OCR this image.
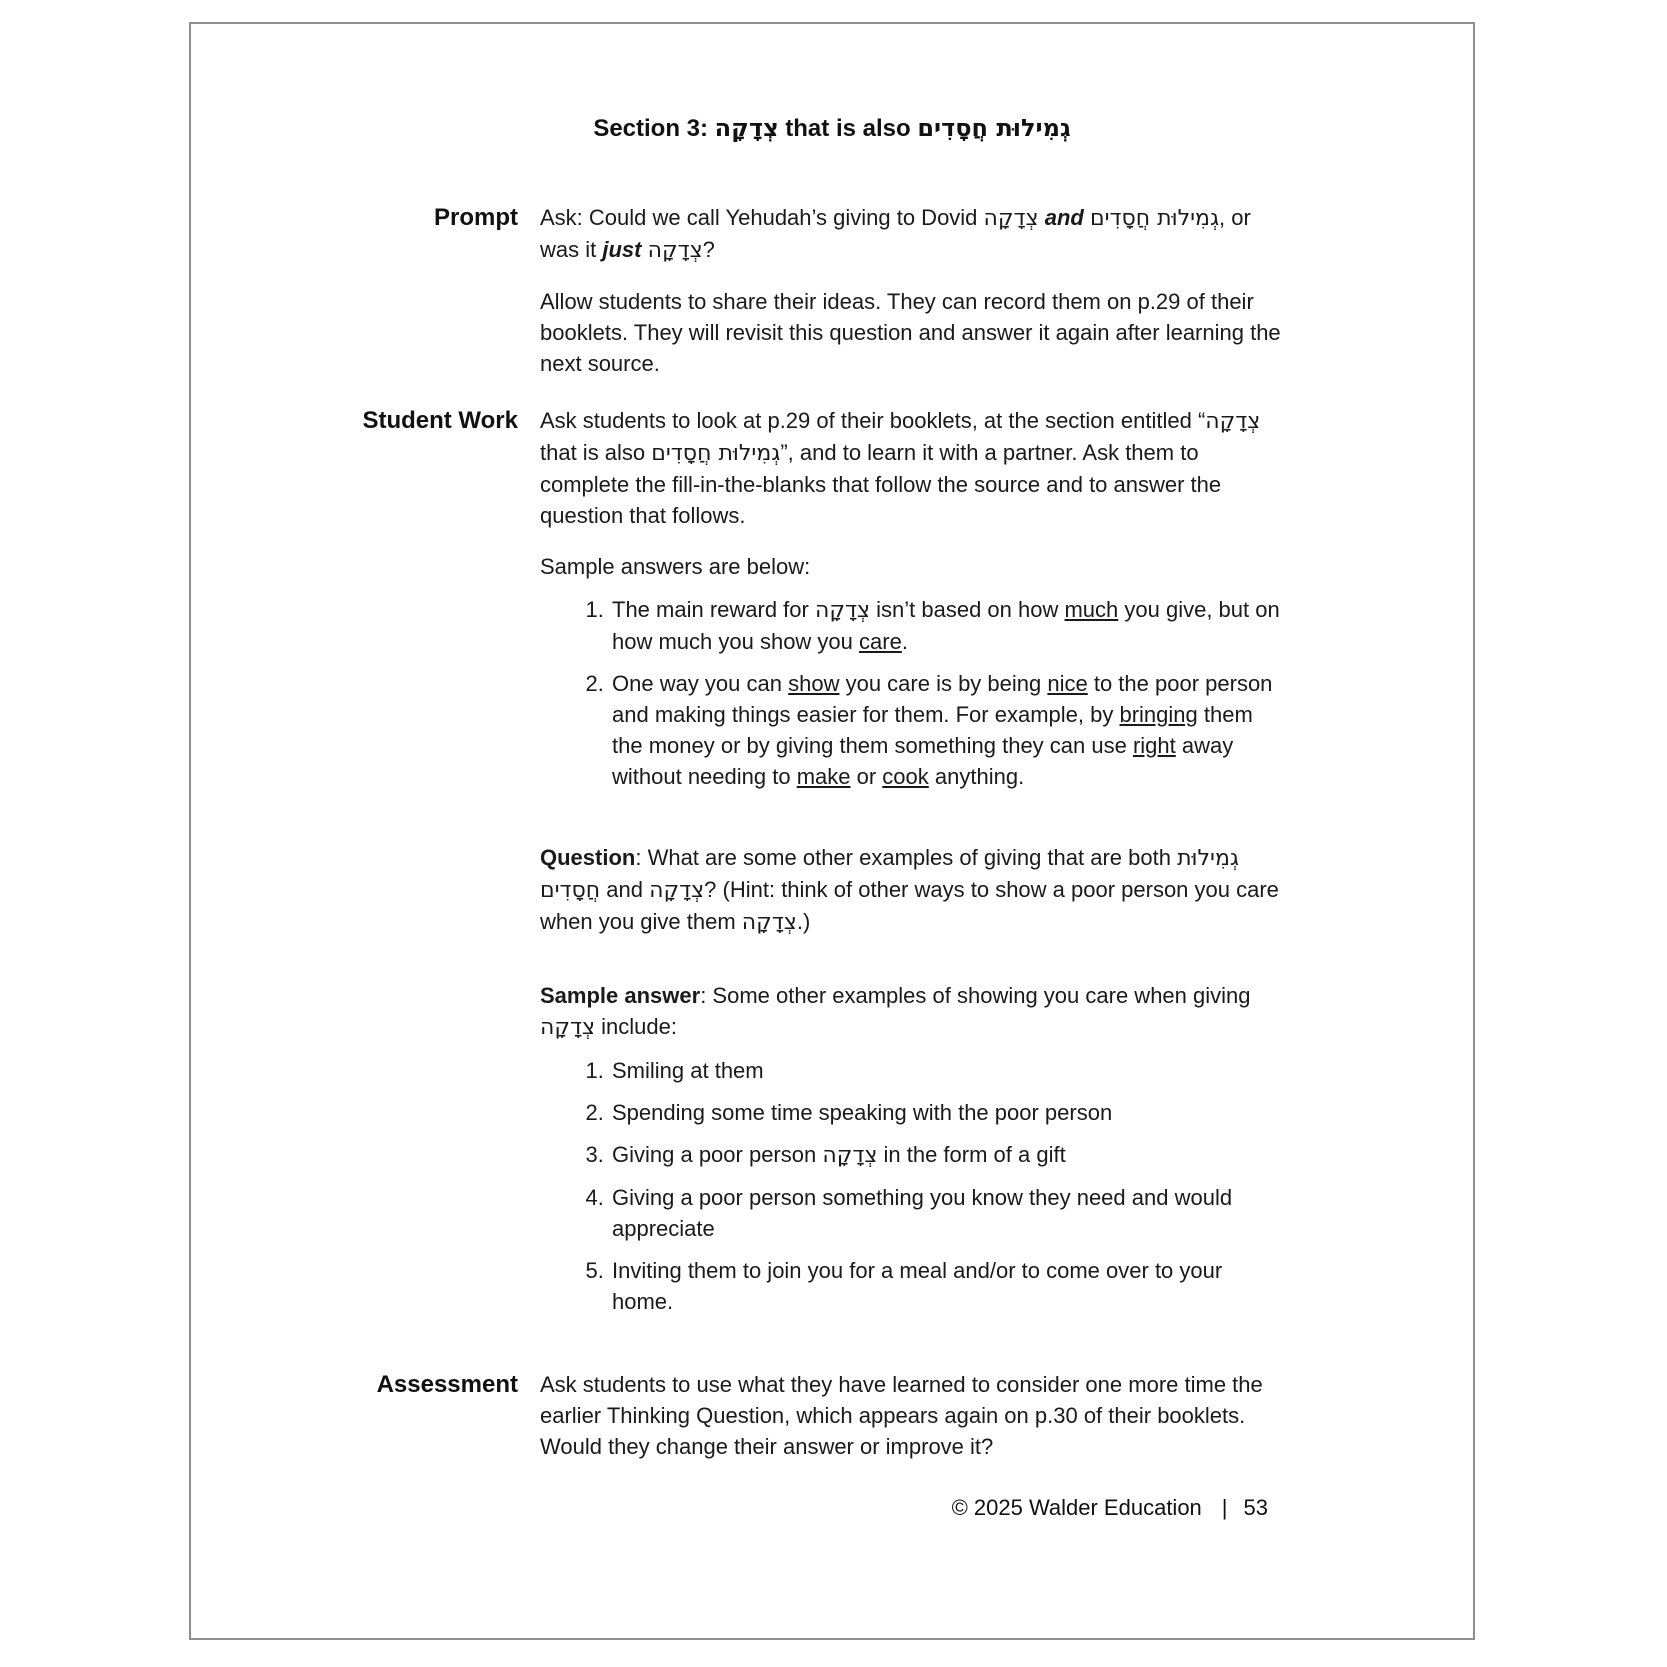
Section 3: צְדָקָה that is also גְמִילוּת חֲסָדִים
Prompt Ask: Could we call Yehudah’s giving to Dovid צְדָקָה and גְמִילוּת חֲסָדִים, or was it just צְדָקָה?

Allow students to share their ideas. They can record them on p.29 of their booklets. They will revisit this question and answer it again after learning the next source.

Student Work Ask students to look at p.29 of their booklets, at the section entitled “צְדָקָה that is also גְמִילוּת חֲסָדִים”, and to learn it with a partner. Ask them to complete the fill-in-the-blanks that follow the source and to answer the question that follows.

Sample answers are below:

1. The main reward for צְדָקָה isn’t based on how much you give, but on how much you show you care.
2. One way you can show you care is by being nice to the poor person and making things easier for them. For example, by bringing them the money or by giving them something they can use right away without needing to make or cook anything.

Question: What are some other examples of giving that are both גְמִילוּת חֲסָדִים and צְדָקָה? (Hint: think of other ways to show a poor person you care when you give them צְדָקָה.)

Sample answer: Some other examples of showing you care when giving צְדָקָה include:

1. Smiling at them
2. Spending some time speaking with the poor person
3. Giving a poor person צְדָקָה in the form of a gift
4. Giving a poor person something you know they need and would appreciate
5. Inviting them to join you for a meal and/or to come over to your home.
Assessment Ask students to use what they have learned to consider one more time the earlier Thinking Question, which appears again on p.30 of their booklets. Would they change their answer or improve it?

© 2025 Walder Education | 53
